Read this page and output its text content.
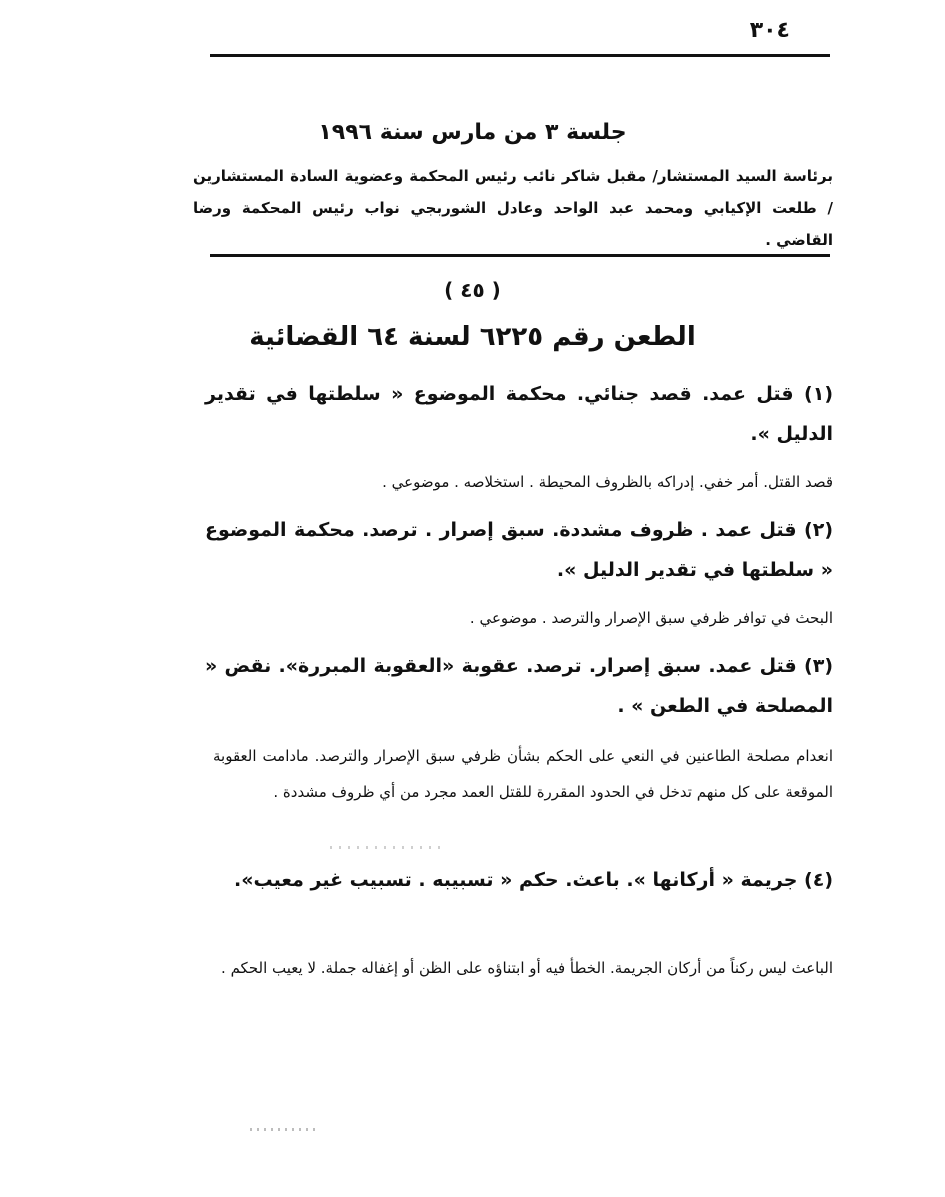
٣٠٤
جلسة ٣ من مارس سنة ١٩٩٦
برئاسة السيد المستشار/ مقبل شاكر نائب رئيس المحكمة وعضوية السادة المستشارين / طلعت الإكيابي ومحمد عبد الواحد وعادل الشوربجي نواب رئيس المحكمة ورضا القاضي .
( ٤٥ )
الطعن رقم ٦٢٢٥ لسنة ٦٤ القضائية
(١) قتل عمد. قصد جنائي. محكمة الموضوع « سلطتها في تقدير الدليل ».
قصد القتل. أمر خفي. إدراكه بالظروف المحيطة . استخلاصه . موضوعي .
(٢) قتل عمد . ظروف مشددة. سبق إصرار . ترصد. محكمة الموضوع « سلطتها في تقدير الدليل ».
البحث في توافر ظرفي سبق الإصرار والترصد . موضوعي .
(٣) قتل عمد. سبق إصرار. ترصد. عقوبة «العقوبة المبررة». نقض « المصلحة في الطعن » .
انعدام مصلحة الطاعنين في النعي على الحكم بشأن ظرفي سبق الإصرار والترصد. مادامت العقوبة الموقعة على كل منهم تدخل في الحدود المقررة للقتل العمد مجرد من أي ظروف مشددة .
(٤) جريمة « أركانها ». باعث. حكم « تسبيبه . تسبيب غير معيب».
الباعث ليس ركناً من أركان الجريمة. الخطأ فيه أو ابتناؤه على الظن أو إغفاله جملة. لا يعيب الحكم .
